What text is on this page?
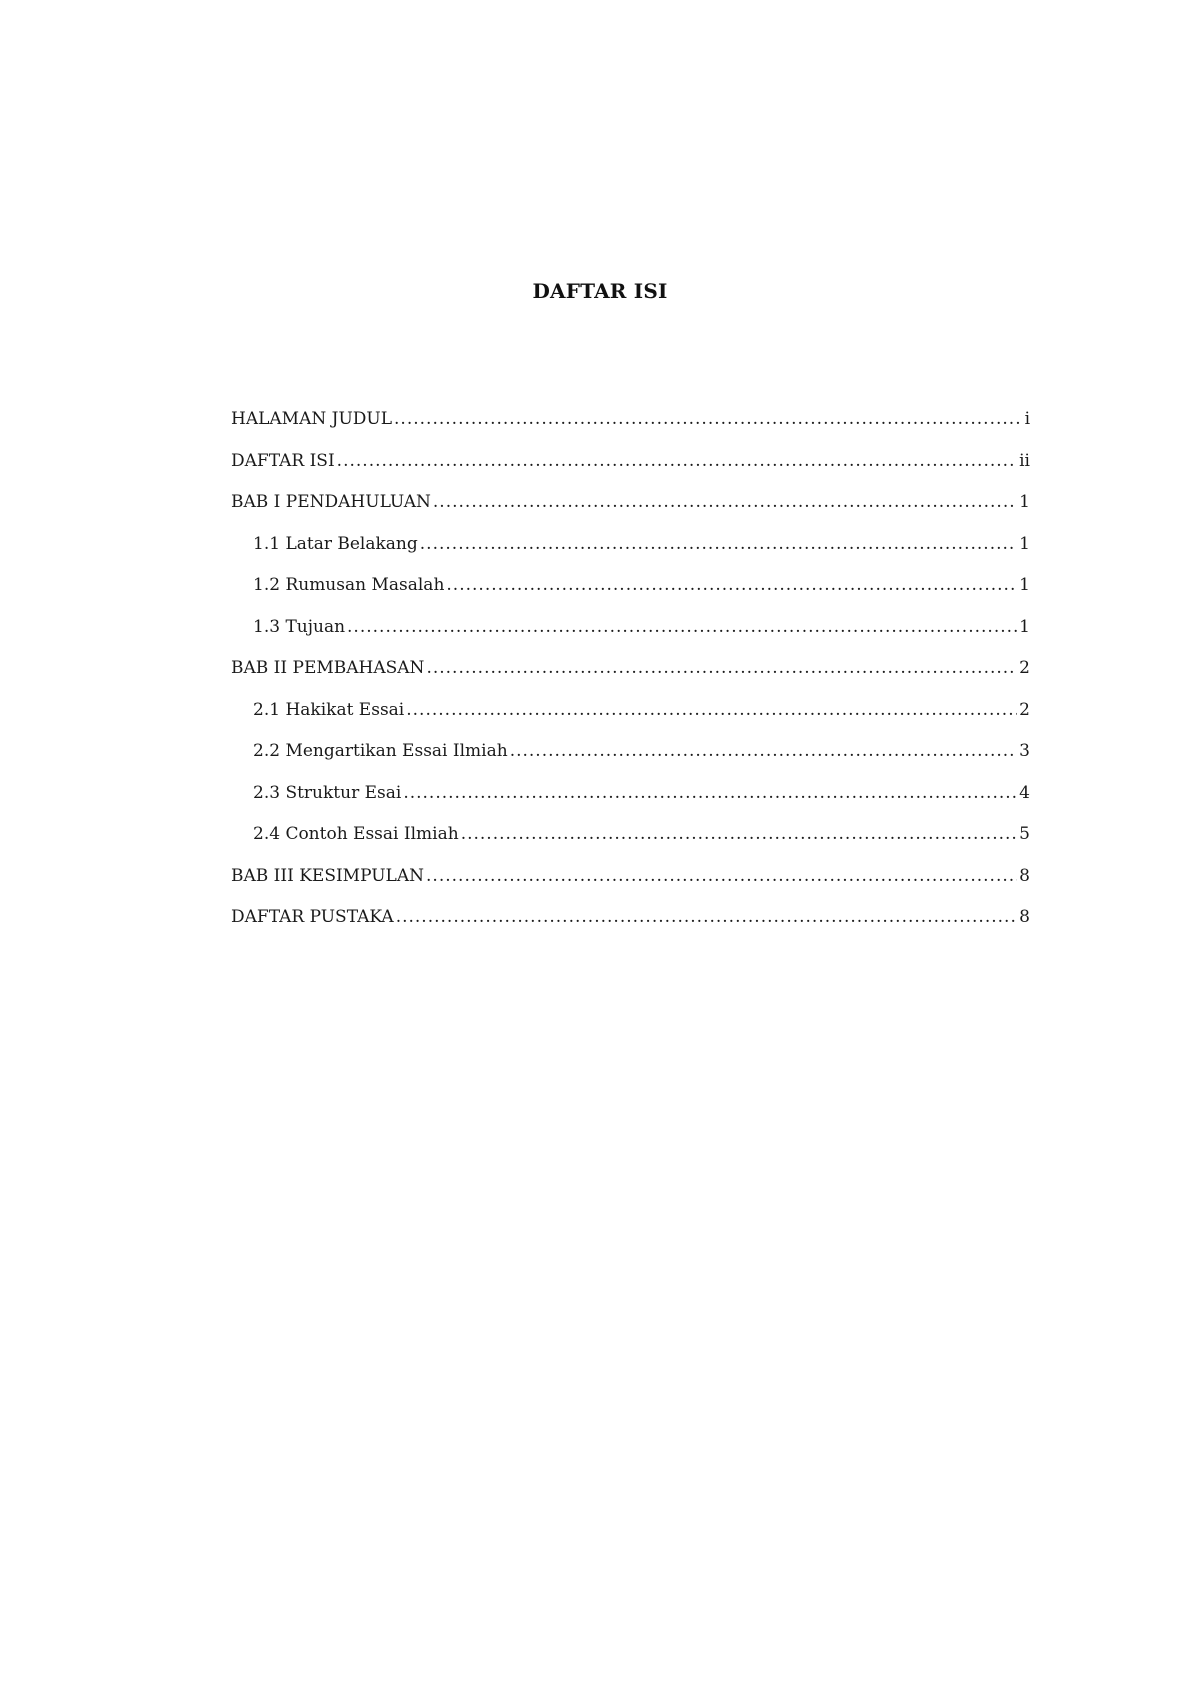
DAFTAR ISI
HALAMAN JUDUL .....	i
DAFTAR ISI .....	ii
BAB I PENDAHULUAN .....	1
1.1 Latar Belakang .....	1
1.2 Rumusan Masalah .....	1
1.3 Tujuan .....	1
BAB II PEMBAHASAN .....	2
2.1 Hakikat Essai .....	2
2.2 Mengartikan Essai Ilmiah .....	3
2.3 Struktur Esai .....	4
2.4 Contoh Essai Ilmiah .....	5
BAB III KESIMPULAN .....	8
DAFTAR PUSTAKA .....	8
